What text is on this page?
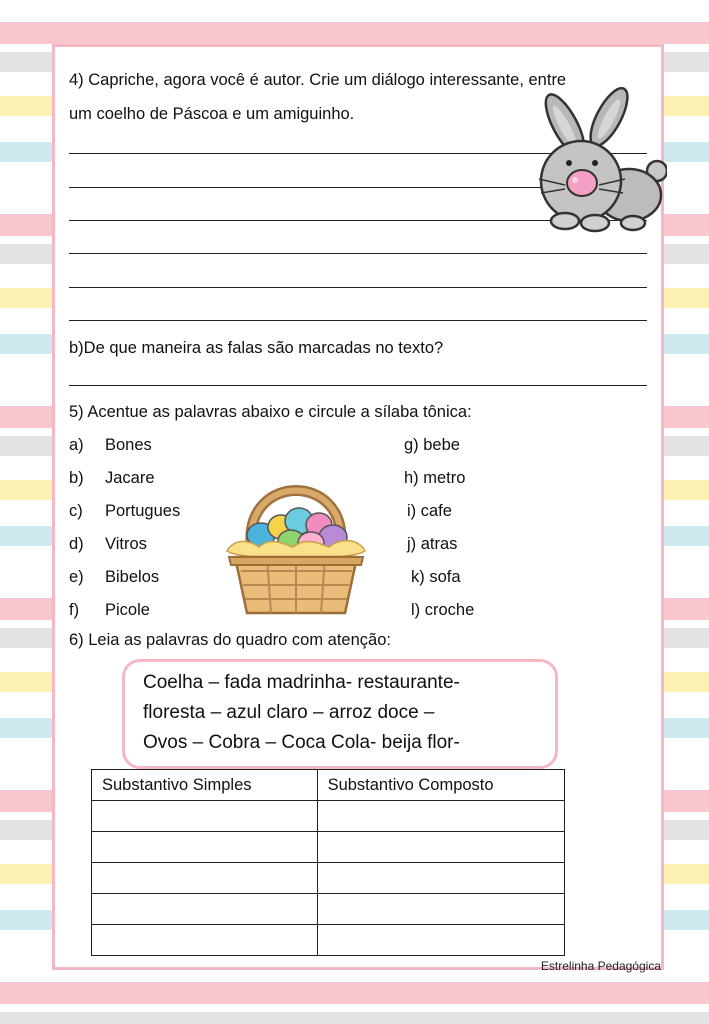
4) Capriche, agora você é autor. Crie um diálogo interessante, entre
um coelho de Páscoa e um amiguinho.
b)De que maneira as falas são marcadas no texto?
5) Acentue as palavras abaixo e circule a sílaba tônica:
a) Bones
b) Jacare
c) Portugues
d) Vitros
e) Bibelos
f) Picole
g) bebe
h) metro
i) cafe
j) atras
k) sofa
l) croche
6) Leia as palavras do quadro com atenção:
Coelha – fada madrinha- restaurante-
floresta – azul claro – arroz doce –
Ovos – Cobra – Coca Cola- beija flor-
Substantivo Simples	Substantivo Composto

Estrelinha Pedagógica
